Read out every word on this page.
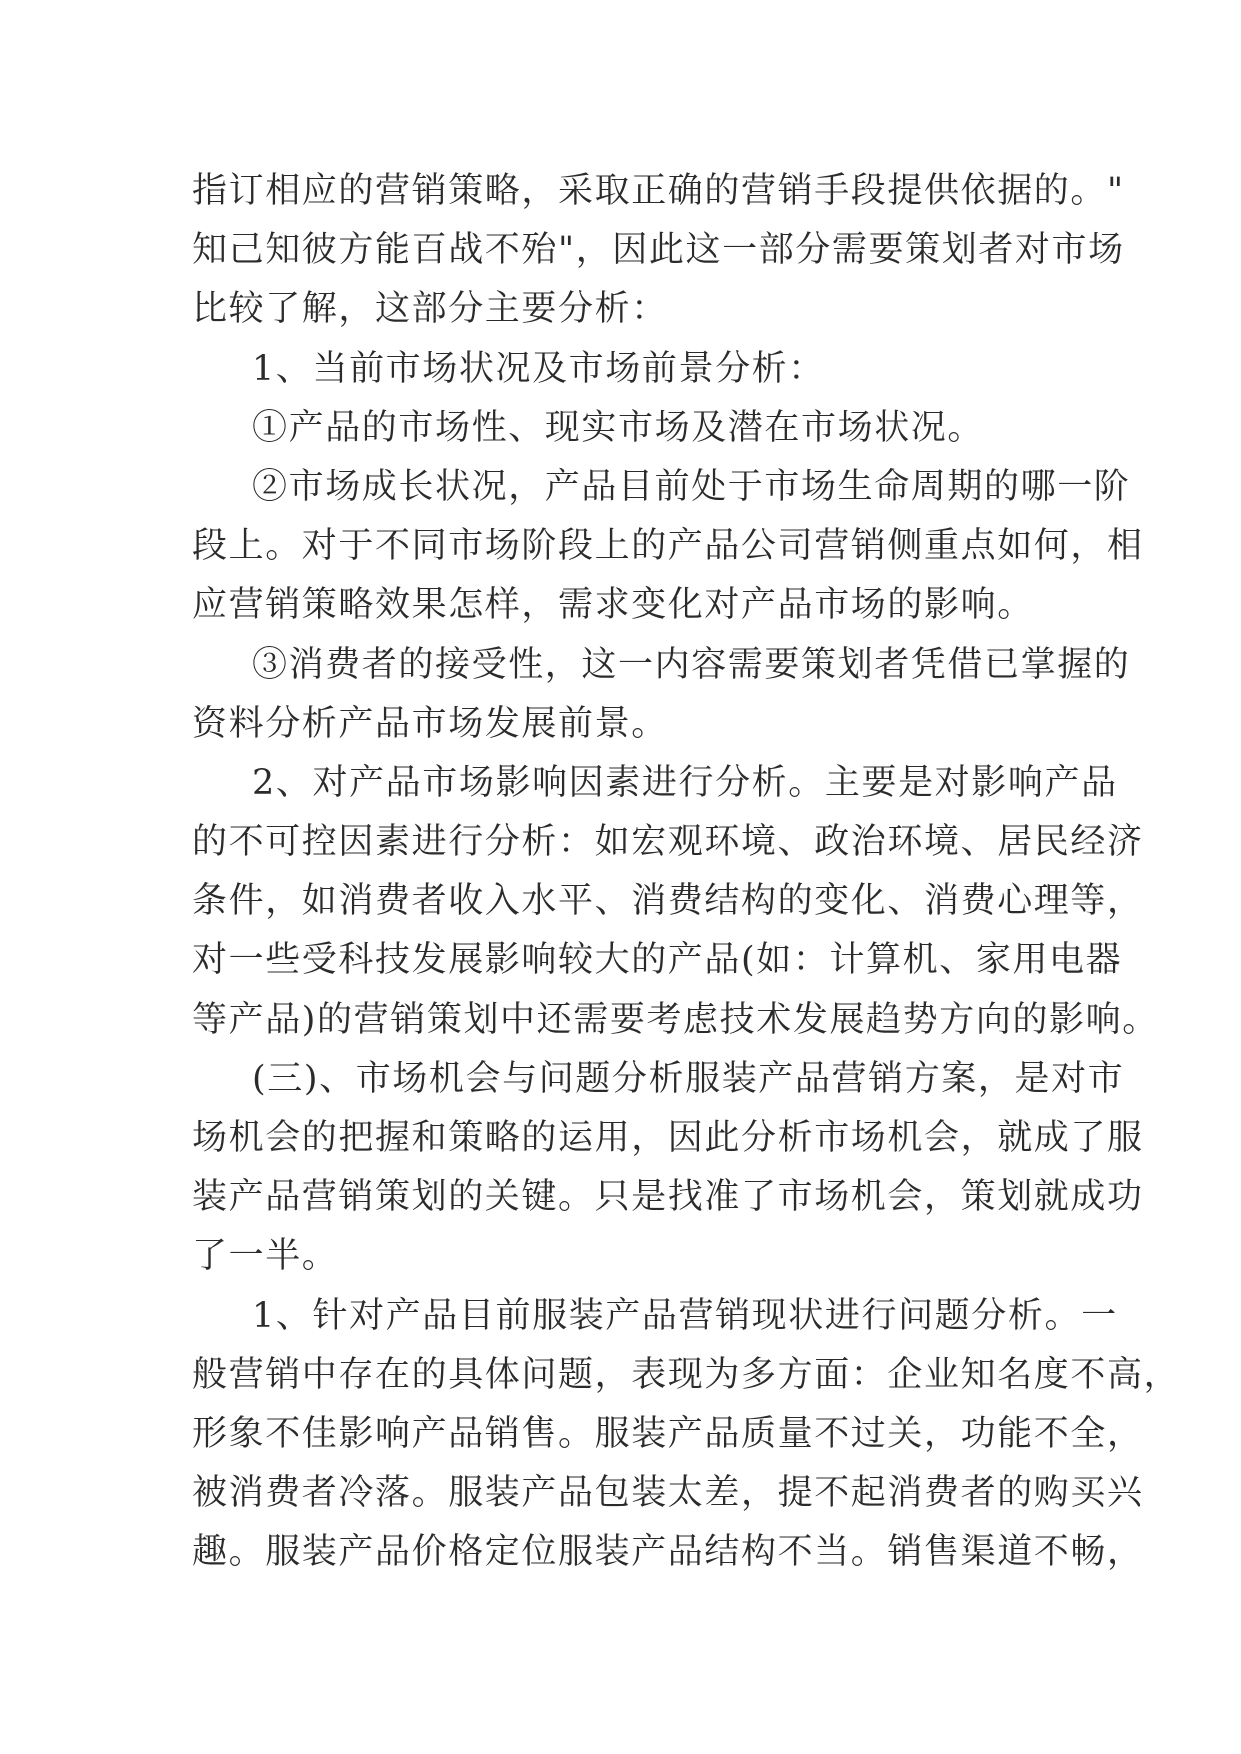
指订相应的营销策略，采取正确的营销手段提供依据的。"
知己知彼方能百战不殆"，因此这一部分需要策划者对市场
比较了解，这部分主要分析：
1、当前市场状况及市场前景分析：
①产品的市场性、现实市场及潜在市场状况。
②市场成长状况，产品目前处于市场生命周期的哪一阶
段上。对于不同市场阶段上的产品公司营销侧重点如何，相
应营销策略效果怎样，需求变化对产品市场的影响。
③消费者的接受性，这一内容需要策划者凭借已掌握的
资料分析产品市场发展前景。
2、对产品市场影响因素进行分析。主要是对影响产品
的不可控因素进行分析：如宏观环境、政治环境、居民经济
条件，如消费者收入水平、消费结构的变化、消费心理等，
对一些受科技发展影响较大的产品(如：计算机、家用电器
等产品)的营销策划中还需要考虑技术发展趋势方向的影响。
(三)、市场机会与问题分析服装产品营销方案，是对市
场机会的把握和策略的运用，因此分析市场机会，就成了服
装产品营销策划的关键。只是找准了市场机会，策划就成功
了一半。
1、针对产品目前服装产品营销现状进行问题分析。一
般营销中存在的具体问题，表现为多方面：企业知名度不高，
形象不佳影响产品销售。服装产品质量不过关，功能不全，
被消费者冷落。服装产品包装太差，提不起消费者的购买兴
趣。服装产品价格定位服装产品结构不当。销售渠道不畅，
